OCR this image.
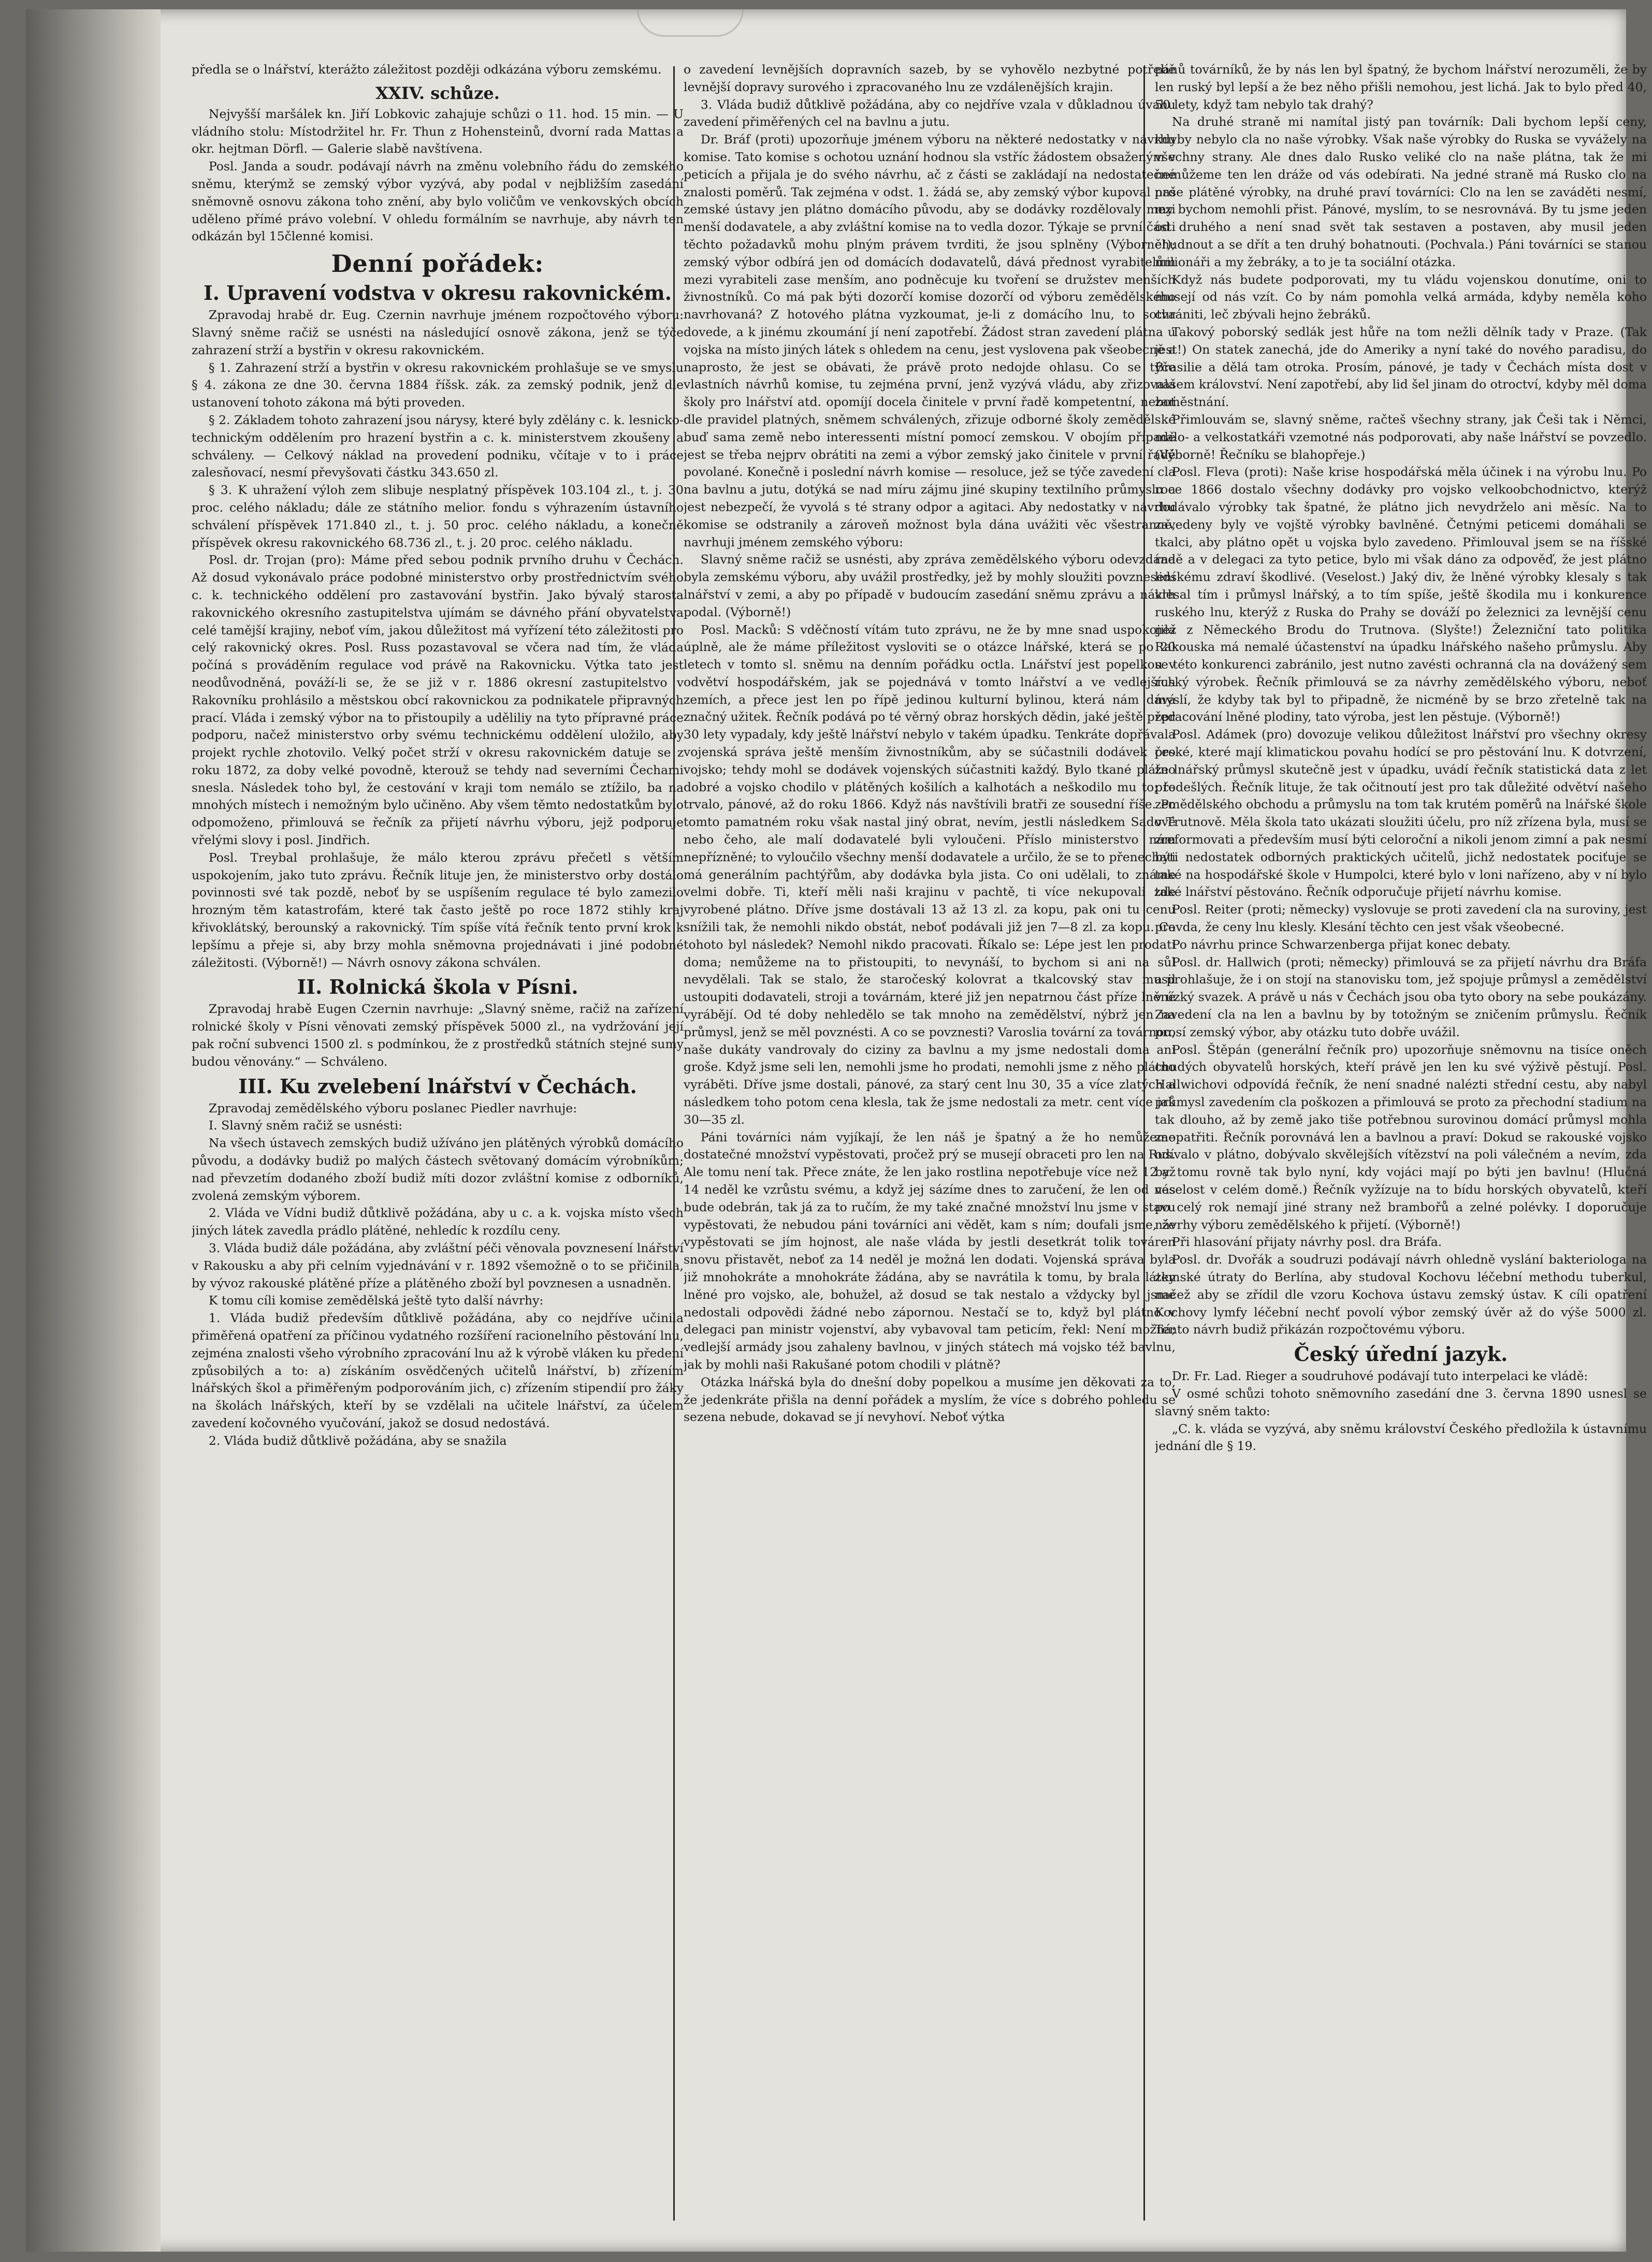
předla se o lnářství, kterážto záležitost později odkázána výboru zemskému.

XXIV. schůze.

Nejvyšší maršálek kn. Jiří Lobkovic zahajuje schůzi o 11. hod. 15 min. — U vládního stolu: Místodržitel hr. Fr. Thun z Hohensteinů, dvorní rada Mattas a okr. hejtman Dörfl. — Galerie slabě navštívena.

Posl. Janda a soudr. podávají návrh na změnu volebního řádu do zemského sněmu, kterýmž se zemský výbor vyzývá, aby podal v nejbližším zasedání sněmovně osnovu zákona toho znění, aby bylo voličům ve venkovských obcích uděleno přímé právo volební. V ohledu formálním se navrhuje, aby návrh ten odkázán byl 15členné komisi.

Denní pořádek:
I. Upravení vodstva v okresu rakovnickém.

Zpravodaj hrabě dr. Eug. Czernin navrhuje jménem rozpočtového výboru: Slavný sněme račiž se usnésti na následující osnově zákona, jenž se týče zahrazení strží a bystřin v okresu rakovnickém.

§ 1. Zahrazení strží a bystřin v okresu rakovnickém prohlašuje se ve smyslu § 4. zákona ze dne 30. června 1884 říšsk. zák. za zemský podnik, jenž dle ustanovení tohoto zákona má býti proveden.

§ 2. Základem tohoto zahrazení jsou nárysy, které byly zdělány c. k. lesnicko-technickým oddělením pro hrazení bystřin a c. k. ministerstvem zkoušeny a schváleny. — Celkový náklad na provedení podniku, včítaje v to i práce zalesňovací, nesmí převyšovati částku 343.650 zl.

§ 3. K uhražení výloh zem slibuje nesplatný příspěvek 103.104 zl., t. j. 30 proc. celého nákladu; dále ze státního melior. fondu s výhrazením ústavního schválení příspěvek 171.840 zl., t. j. 50 proc. celého nákladu, a konečně příspěvek okresu rakovnického 68.736 zl., t. j. 20 proc. celého nákladu.

Posl. dr. Trojan (pro): Máme před sebou podnik prvního druhu v Čechách. Až dosud vykonávalo práce podobné ministerstvo orby prostřednictvím svého c. k. technického oddělení pro zastavování bystřin. Jako bývalý starosta rakovnického okresního zastupitelstva ujímám se dávného přání obyvatelstva celé tamější krajiny, neboť vím, jakou důležitost má vyřízení této záležitosti pro celý rakovnický okres. Posl. Russ pozastavoval se včera nad tím, že vláda počíná s prováděním regulace vod právě na Rakovnicku. Výtka tato jest neodůvodněná, pováží-li se, že se již v r. 1886 okresní zastupitelstvo v Rakovníku prohlásilo a městskou obcí rakovnickou za podnikatele připravných prací. Vláda i zemský výbor na to přistoupily a uděliliy na tyto přípravné práce podporu, načež ministerstvo orby svému technickému oddělení uložilo, aby projekt rychle zhotovilo. Velký počet strží v okresu rakovnickém datuje se z roku 1872, za doby velké povodně, kterouž se tehdy nad severními Čechami snesla. Následek toho byl, že cestování v kraji tom nemálo se ztížilo, ba na mnohých místech i nemožným bylo učiněno. Aby všem těmto nedostatkům bylo odpomoženo, přimlouvá se řečník za přijetí návrhu výboru, jejž podporuje vřelými slovy i posl. Jindřich.

Posl. Treybal prohlašuje, že málo kterou zprávu přečetl s větším uspokojením, jako tuto zprávu. Řečník lituje jen, že ministerstvo orby dostálo povinnosti své tak pozdě, neboť by se uspíšením regulace té bylo zamezilo hrozným těm katastrofám, které tak často ještě po roce 1872 stihly kraj křivoklátský, berounský a rakovnický. Tím spíše vítá řečník tento první krok k lepšímu a přeje si, aby brzy mohla sněmovna projednávati i jiné podobné záležitosti. (Výborně!) — Návrh osnovy zákona schválen.

II. Rolnická škola v Písni.

Zpravodaj hrabě Eugen Czernin navrhuje: „Slavný sněme, račiž na zařízení rolnické školy v Písni věnovati zemský příspěvek 5000 zl., na vydržování její pak roční subvenci 1500 zl. s podmínkou, že z prostředků státních stejné sumy budou věnovány.“ — Schváleno.

III. Ku zvelebení lnářství v Čechách.

Zpravodaj zemědělského výboru poslanec Piedler navrhuje:

I. Slavný sněm račiž se usnésti:

Na všech ústavech zemských budiž užíváno jen plátěných výrobků domácího původu, a dodávky budiž po malých částech světovaný domácím výrobníkům; nad převzetím dodaného zboží budiž míti dozor zvláštní komise z odborníků, zvolená zemským výborem.

2. Vláda ve Vídni budiž důtklivě požádána, aby u c. a k. vojska místo všech jiných látek zavedla prádlo plátěné, nehledíc k rozdílu ceny.

3. Vláda budiž dále požádána, aby zvláštní péči věnovala povznesení lnářství v Rakousku a aby při celním vyjednávání v r. 1892 všemožně o to se přičinila, by vývoz rakouské plátěné příze a plátěného zboží byl povznesen a usnadněn.

K tomu cíli komise zemědělská ještě tyto další návrhy:

1. Vláda budiž především důtklivě požádána, aby co nejdříve učinila přiměřená opatření za příčinou vydatného rozšíření racionelního pěstování lnu, zejména znalosti všeho výrobního zpracování lnu až k výrobě vláken ku předení způsobilých a to: a) získáním osvědčených učitelů lnářství, b) zřízením lnářských škol a přiměřeným podporováním jich, c) zřízením stipendií pro žáky na školách lnářských, kteří by se vzdělali na učitele lnářství, za účelem zavedení kočovného vyučování, jakož se dosud nedostává.

2. Vláda budiž důtklivě požádána, aby se snažila

o zavedení levnějších dopravních sazeb, by se vyhovělo nezbytné potřebě levnější dopravy surového i zpracovaného lnu ze vzdálenějších krajin.

3. Vláda budiž důtklivě požádána, aby co nejdříve vzala v důkladnou úvahu zavedení přiměřených cel na bavlnu a jutu.

Dr. Bráf (proti) upozorňuje jménem výboru na některé nedostatky v návrhu komise. Tato komise s ochotou uznání hodnou sla vstříc žádostem obsaženým v peticích a přijala je do svého návrhu, ač z části se zakládají na nedostatečné znalosti poměrů. Tak zejména v odst. 1. žádá se, aby zemský výbor kupoval pro zemské ústavy jen plátno domácího původu, aby se dodávky rozdělovaly mezi menší dodavatele, a aby zvláštní komise na to vedla dozor. Týkaje se první části těchto požadavků mohu plným právem tvrditi, že jsou splněny (Výborně!); zemský výbor odbírá jen od domácích dodavatelů, dává přednost vyrabitelům mezi vyrabiteli zase menším, ano podněcuje ku tvoření se družstev menších živnostníků. Co má pak býti dozorčí komise dozorčí od výboru zemědělského navrhovaná? Z hotového plátna vyzkoumat, je-li z domácího lnu, to sotva dovede, a k jinému zkoumání jí není zapotřebí. Žádost stran zavedení plátna u vojska na místo jiných látek s ohledem na cenu, jest vyslovena pak všeobecně a naprosto, že jest se obávati, že právě proto nedojde ohlasu. Co se týče vlastních návrhů komise, tu zejména první, jenž vyzývá vládu, aby zřizovala školy pro lnářství atd. opomíjí docela činitele v první řadě kompetentní, neboť dle pravidel platných, sněmem schválených, zřizuje odborné školy zemědělské buď sama země nebo interessenti místní pomocí zemskou. V obojím případě jest se třeba nejprv obrátiti na zemi a výbor zemský jako činitele v první řadě povolané. Konečně i poslední návrh komise — resoluce, jež se týče zavedení cla na bavlnu a jutu, dotýká se nad míru zájmu jiné skupiny textilního průmyslu a jest nebezpečí, že vyvolá s té strany odpor a agitaci. Aby nedostatky v návrhu komise se odstranily a zároveň možnost byla dána uvážiti věc všestranně, navrhuji jménem zemského výboru:

Slavný sněme račiž se usnésti, aby zpráva zemědělského výboru odevzdána byla zemskému výboru, aby uvážil prostředky, jež by mohly sloužiti povznesení lnářství v zemi, a aby po případě v budoucím zasedání sněmu zprávu a návrh podal. (Výborně!)

Posl. Macků: S vděčností vítám tuto zprávu, ne že by mne snad uspokojila úplně, ale že máme příležitost vysloviti se o otázce lnářské, která se po 20 letech v tomto sl. sněmu na denním pořádku octla. Lnářství jest popelkou v odvětví hospodářském, jak se pojednává v tomto lnářství a ve vedlejších zemích, a přece jest len po řípě jedinou kulturní bylinou, která nám dává značný užitek. Řečník podává po té věrný obraz horských dědin, jaké ještě před 30 lety vypadaly, kdy ještě lnářství nebylo v takém úpadku. Tenkráte dopřávala vojenská správa ještě menším živnostníkům, aby se súčastnili dodávek pro vojsko; tehdy mohl se dodávek vojenských súčastniti každý. Bylo tkané plátno dobré a vojsko chodilo v plátěných košilích a kalhotách a neškodilo mu to; to trvalo, pánové, až do roku 1866. Když nás navštívili bratři ze sousední říše. Po tomto pamatném roku však nastal jiný obrat, nevím, jestli následkem Sadové nebo čeho, ale malí dodavatelé byli vyloučeni. Příslo ministerstvo nám nepřízněné; to vyloučilo všechny menší dodavatele a určilo, že se to přenechati má generálním pachtýřům, aby dodávka byla jista. Co oni udělali, to známe velmi dobře. Ti, kteří měli naši krajinu v pachtě, ti více nekupovali zde vyrobené plátno. Dříve jsme dostávali 13 až 13 zl. za kopu, pak oni tu cenu snížili tak, že nemohli nikdo obstát, neboť podávali již jen 7—8 zl. za kopu. Co tohoto byl následek? Nemohl nikdo pracovati. Říkalo se: Lépe jest len prodati doma; nemůžeme na to přistoupiti, to nevynáší, to bychom si ani na sůl nevydělali. Tak se stalo, že staročeský kolovrat a tkalcovský stav musil ustoupiti dodavateli, stroji a továrnám, které již jen nepatrnou část příze lněné vyrábějí. Od té doby nehledělo se tak mnoho na zemědělství, nýbrž jen na průmysl, jenž se měl povznésti. A co se povznesti? Varoslia tovární za továrnou, naše dukáty vandrovaly do ciziny za bavlnu a my jsme nedostali doma ani groše. Když jsme seli len, nemohli jsme ho prodati, nemohli jsme z něho plátno vyráběti. Dříve jsme dostali, pánové, za starý cent lnu 30, 35 a více zlatých a následkem toho potom cena klesla, tak že jsme nedostali za metr. cent více jak 30—35 zl.

Páni továrníci nám vyjíkají, že len náš je špatný a že ho nemůžeme dostatečné množství vypěstovati, pročež prý se musejí obraceti pro len na Rus. Ale tomu není tak. Přece znáte, že len jako rostlina nepotřebuje více než 12 až 14 neděl ke vzrůstu svému, a když jej sázíme dnes to zaručení, že len od nás bude odebrán, tak já za to ručím, že my také značné množství lnu jsme v stavu vypěstovati, že nebudou páni továrníci ani vědět, kam s ním; doufali jsme, že vypěstovati se jím hojnost, ale naše vláda by jestli desetkrát tolik továren snovu přistavět, neboť za 14 neděl je možná len dodati. Vojenská správa byla již mnohokráte a mnohokráte žádána, aby se navrátila k tomu, by brala látky lněné pro vojsko, ale, bohužel, až dosud se tak nestalo a vždycky byl jsme nedostali odpovědi žádné nebo zápornou. Nestačí se to, když byl plátno v delegaci pan ministr vojenství, aby vybavoval tam peticím, řekl: Není možná; vedlejší armády jsou zahaleny bavlnou, v jiných státech má vojsko též bavlnu, jak by mohli naši Rakušané potom chodili v plátně?

Otázka lnářská byla do dnešní doby popelkou a musíme jen děkovati za to, že jedenkráte přišla na denní pořádek a myslím, že více s dobrého pohledu se sezena nebude, dokavad se jí nevyhoví. Neboť výtka

pánů továrníků, že by nás len byl špatný, že bychom lnářství nerozuměli, že by len ruský byl lepší a že bez něho přišli nemohou, jest lichá. Jak to bylo před 40, 50 lety, když tam nebylo tak drahý?

Na druhé straně mi namítal jistý pan továrník: Dali bychom lepší ceny, kdyby nebylo cla no naše výrobky. Však naše výrobky do Ruska se vyvážely na všechny strany. Ale dnes dalo Rusko veliké clo na naše plátna, tak že mi nemůžeme ten len dráže od vás odebírati. Na jedné straně má Rusko clo na naše plátěné výrobky, na druhé praví továrníci: Clo na len se zaváděti nesmí, my bychom nemohli přist. Pánové, myslím, to se nesrovnává. By tu jsme jeden od druhého a není snad svět tak sestaven a postaven, aby musil jeden chudnout a se dřít a ten druhý bohatnouti. (Pochvala.) Páni továrníci se stanou milionáři a my žebráky, a to je ta sociální otázka.

Když nás budete podporovati, my tu vládu vojenskou donutíme, oni to musejí od nás vzít. Co by nám pomohla velká armáda, kdyby neměla koho chrániti, leč zbývali hejno žebráků.

Takový poborský sedlák jest hůře na tom nežli dělník tady v Praze. (Tak jest!) On statek zanechá, jde do Ameriky a nyní také do nového paradisu, do Brasilie a dělá tam otroka. Prosím, pánové, je tady v Čechách místa dost v našem království. Není zapotřebí, aby lid šel jinam do otroctví, kdyby měl doma zaměstnání.

Přimlouvám se, slavný sněme, račteš všechny strany, jak Češi tak i Němci, malo- a velkostatkáři vzemotné nás podporovati, aby naše lnářství se povzedlo. (Výborně! Řečníku se blahopřeje.)

Posl. Fleva (proti): Naše krise hospodářská měla účinek i na výrobu lnu. Po roce 1866 dostalo všechny dodávky pro vojsko velkoobchodnictvo, kterýž dodávalo výrobky tak špatné, že plátno jich nevydrželo ani měsíc. Na to zavedeny byly ve vojště výrobky bavlněné. Četnými peticemi domáhali se tkalci, aby plátno opět u vojska bylo zavedeno. Přimlouval jsem se na říšské radě a v delegaci za tyto petice, bylo mi však dáno za odpověď, že jest plátno lidskému zdraví škodlivé. (Veselost.) Jaký div, že lněné výrobky klesaly s tak klesal tím i průmysl lnářský, a to tím spíše, ještě škodila mu i konkurence ruského lnu, kterýž z Ruska do Prahy se dováží po železnici za levnější cenu než z Německého Brodu do Trutnova. (Slyšte!) Železniční tato politika Rakouska má nemalé účastenství na úpadku lnářského našeho průmyslu. Aby se této konkurenci zabránilo, jest nutno zavésti ochranná cla na dovážený sem ruský výrobek. Řečník přimlouvá se za návrhy zemědělského výboru, neboť myslí, že kdyby tak byl to připadně, že nicméně by se brzo zřetelně tak na zpracování lněné plodiny, tato výroba, jest len pěstuje. (Výborně!)

Posl. Adámek (pro) dovozuje velikou důležitost lnářství pro všechny okresy české, které mají klimatickou povahu hodící se pro pěstování lnu. K dotvrzení, že lnářský průmysl skutečně jest v úpadku, uvádí řečník statistická data z let předešlých. Řečník lituje, že tak očitnoutí jest pro tak důležité odvětví našeho zemědělského obchodu a průmyslu na tom tak krutém poměrů na lnářské škole v Trutnově. Měla škola tato ukázati sloužiti účelu, pro níž zřízena byla, musí se zreformovati a především musí býti celoroční a nikoli jenom zimní a pak nesmí býti nedostatek odborných praktických učitelů, jichž nedostatek pociťuje se také na hospodářské škole v Humpolci, které bylo v loni nařízeno, aby v ní bylo také lnářství pěstováno. Řečník odporučuje přijetí návrhu komise.

Posl. Reiter (proti; německy) vyslovuje se proti zavedení cla na suroviny, jest pravda, že ceny lnu klesly. Klesání těchto cen jest však všeobecné.

Po návrhu prince Schwarzenberga přijat konec debaty.

Posl. dr. Hallwich (proti; německy) přimlouvá se za přijetí návrhu dra Bráfa a prohlašuje, že i on stojí na stanovisku tom, jež spojuje průmysl a zemědělství v úzký svazek. A právě u nás v Čechách jsou oba tyto obory na sebe poukázány. Zavedení cla na len a bavlnu by by totožným se zničením průmyslu. Řečník prosí zemský výbor, aby otázku tuto dobře uvážil.

Posl. Štěpán (generální řečník pro) upozorňuje sněmovnu na tisíce oněch chudých obyvatelů horských, kteří právě jen len ku své výživě pěstují. Posl. Hallwichovi odpovídá řečník, že není snadné nalézti střední cestu, aby nabyl průmysl zavedením cla poškozen a přimlouvá se proto za přechodní stadium na tak dlouho, až by země jako tiše potřebnou surovinou domácí průmysl mohla zaopatřiti. Řečník porovnává len a bavlnou a praví: Dokud se rakouské vojsko odívalo v plátno, dobývalo skvělejších vítězství na poli válečném a nevím, zda by tomu rovně tak bylo nyní, kdy vojáci mají po býti jen bavlnu! (Hlučná veselost v celém domě.) Řečník vyžízuje na to bídu horských obyvatelů, kteří po celý rok nemají jiné strany než brambořů a zelné polévky. I doporučuje návrhy výboru zemědělského k přijetí. (Výborně!)

Při hlasování přijaty návrhy posl. dra Bráfa.

Posl. dr. Dvořák a soudruzi podávají návrh ohledně vyslání bakteriologa na zemské útraty do Berlína, aby studoval Kochovu léčební methodu tuberkul, načež aby se zřídil dle vzoru Kochova ústavu zemský ústav. K cíli opatření Kochovy lymfy léčební nechť povolí výbor zemský úvěr až do výše 5000 zl. Tento návrh budiž přikázán rozpočtovému výboru.

Český úřední jazyk.

Dr. Fr. Lad. Rieger a soudruhové podávají tuto interpelaci ke vládě:

V osmé schůzi tohoto sněmovního zasedání dne 3. června 1890 usnesl se slavný sněm takto:

„C. k. vláda se vyzývá, aby sněmu království Českého předložila k ústavnímu jednání dle § 19.
